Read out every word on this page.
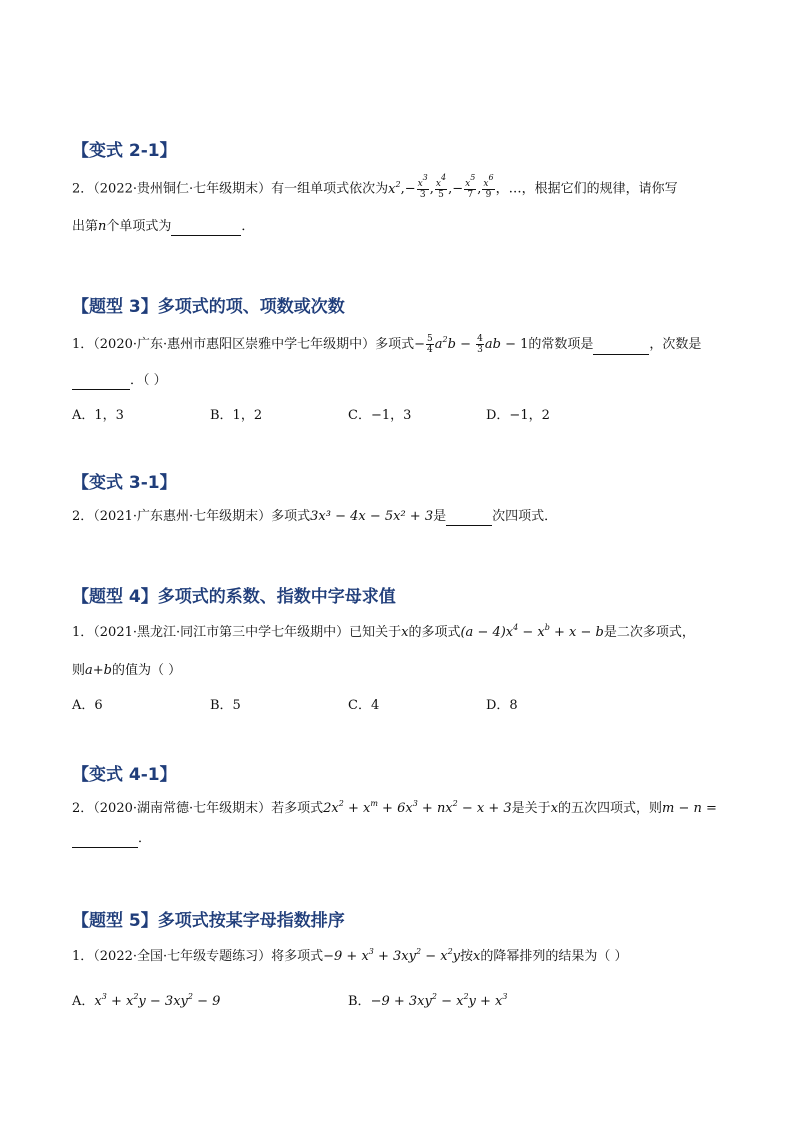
【变式 2-1】
2．（2022·贵州铜仁·七年级期末）有一组单项式依次为$x^2,- \frac{x^3}{3}$ , $\frac{x^4}{5}$ ,− $\frac{x^5}{7}$ , $\frac{x^6}{9}$ ，…，根据它们的规律，请你写
出第n个单项式为	．
【题型 3】多项式的项、项数或次数
1．（2020·广东·惠州市惠阳区崇雅中学七年级期中）多项式− $\frac{5}{4} a^2b - \frac{4}{3}$ ab − 1的常数项是	，次数是
．（ ）
A．1，3	B．1，2	C．−1，3	D．−1，2
【变式 3-1】
2．（2021·广东惠州·七年级期末）多项式3x³ − 4x − 5x² + 3是	次四项式．
【题型 4】多项式的系数、指数中字母求值
1．（2021·黑龙江·同江市第三中学七年级期中）已知关于x的多项式$(a - 4)x^4 - x^b + x - b$是二次多项式，
则a+b的值为（ ）
A．6	B．5	C．4	D．8
【变式 4-1】
2．（2020·湖南常德·七年级期末）若多项式$2x^2 + x^m + 6x^3 + nx^2 - x + 3$是关于x的五次四项式，则m − n =
．
【题型 5】多项式按某字母指数排序
1．（2022·全国·七年级专题练习）将多项式$-9 + x^3 + 3xy^2 - x^2y$按x的降幂排列的结果为（ ）
A．$x^3 + x^2y - 3xy^2 - 9$	B．$-9 + 3xy^2 - x^2y + x^3$
